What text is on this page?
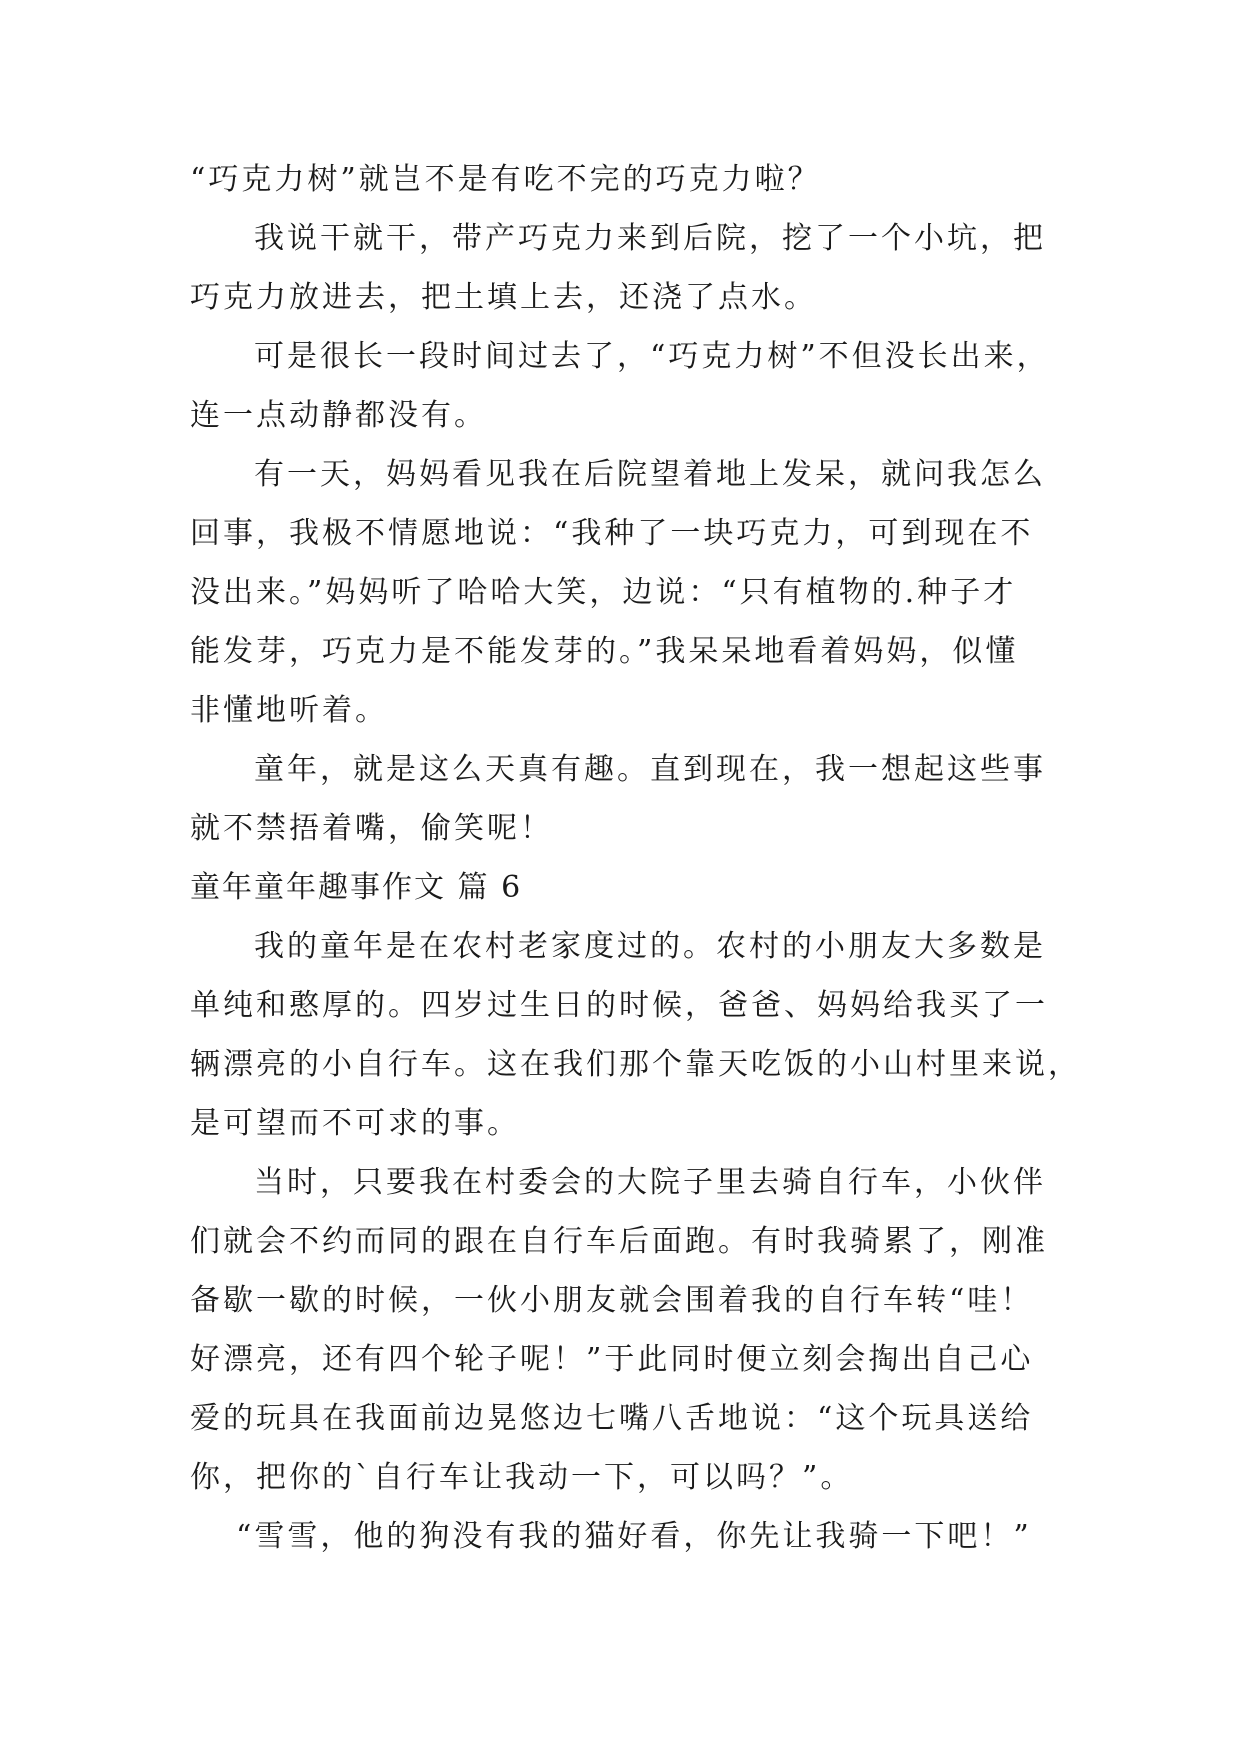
“巧克力树”就岂不是有吃不完的巧克力啦？
我说干就干，带产巧克力来到后院，挖了一个小坑，把
巧克力放进去，把土填上去，还浇了点水。
可是很长一段时间过去了，“巧克力树”不但没长出来，
连一点动静都没有。
有一天，妈妈看见我在后院望着地上发呆，就问我怎么
回事，我极不情愿地说：“我种了一块巧克力，可到现在不
没出来。”妈妈听了哈哈大笑，边说：“只有植物的.种子才
能发芽，巧克力是不能发芽的。”我呆呆地看着妈妈，似懂
非懂地听着。
童年，就是这么天真有趣。直到现在，我一想起这些事
就不禁捂着嘴，偷笑呢！
童年童年趣事作文 篇 6
我的童年是在农村老家度过的。农村的小朋友大多数是
单纯和憨厚的。四岁过生日的时候，爸爸、妈妈给我买了一
辆漂亮的小自行车。这在我们那个靠天吃饭的小山村里来说，
是可望而不可求的事。
当时，只要我在村委会的大院子里去骑自行车，小伙伴
们就会不约而同的跟在自行车后面跑。有时我骑累了，刚准
备歇一歇的时候，一伙小朋友就会围着我的自行车转“哇！
好漂亮，还有四个轮子呢！”于此同时便立刻会掏出自己心
爱的玩具在我面前边晃悠边七嘴八舌地说：“这个玩具送给
你，把你的`自行车让我动一下，可以吗？”。
“雪雪，他的狗没有我的猫好看，你先让我骑一下吧！”
